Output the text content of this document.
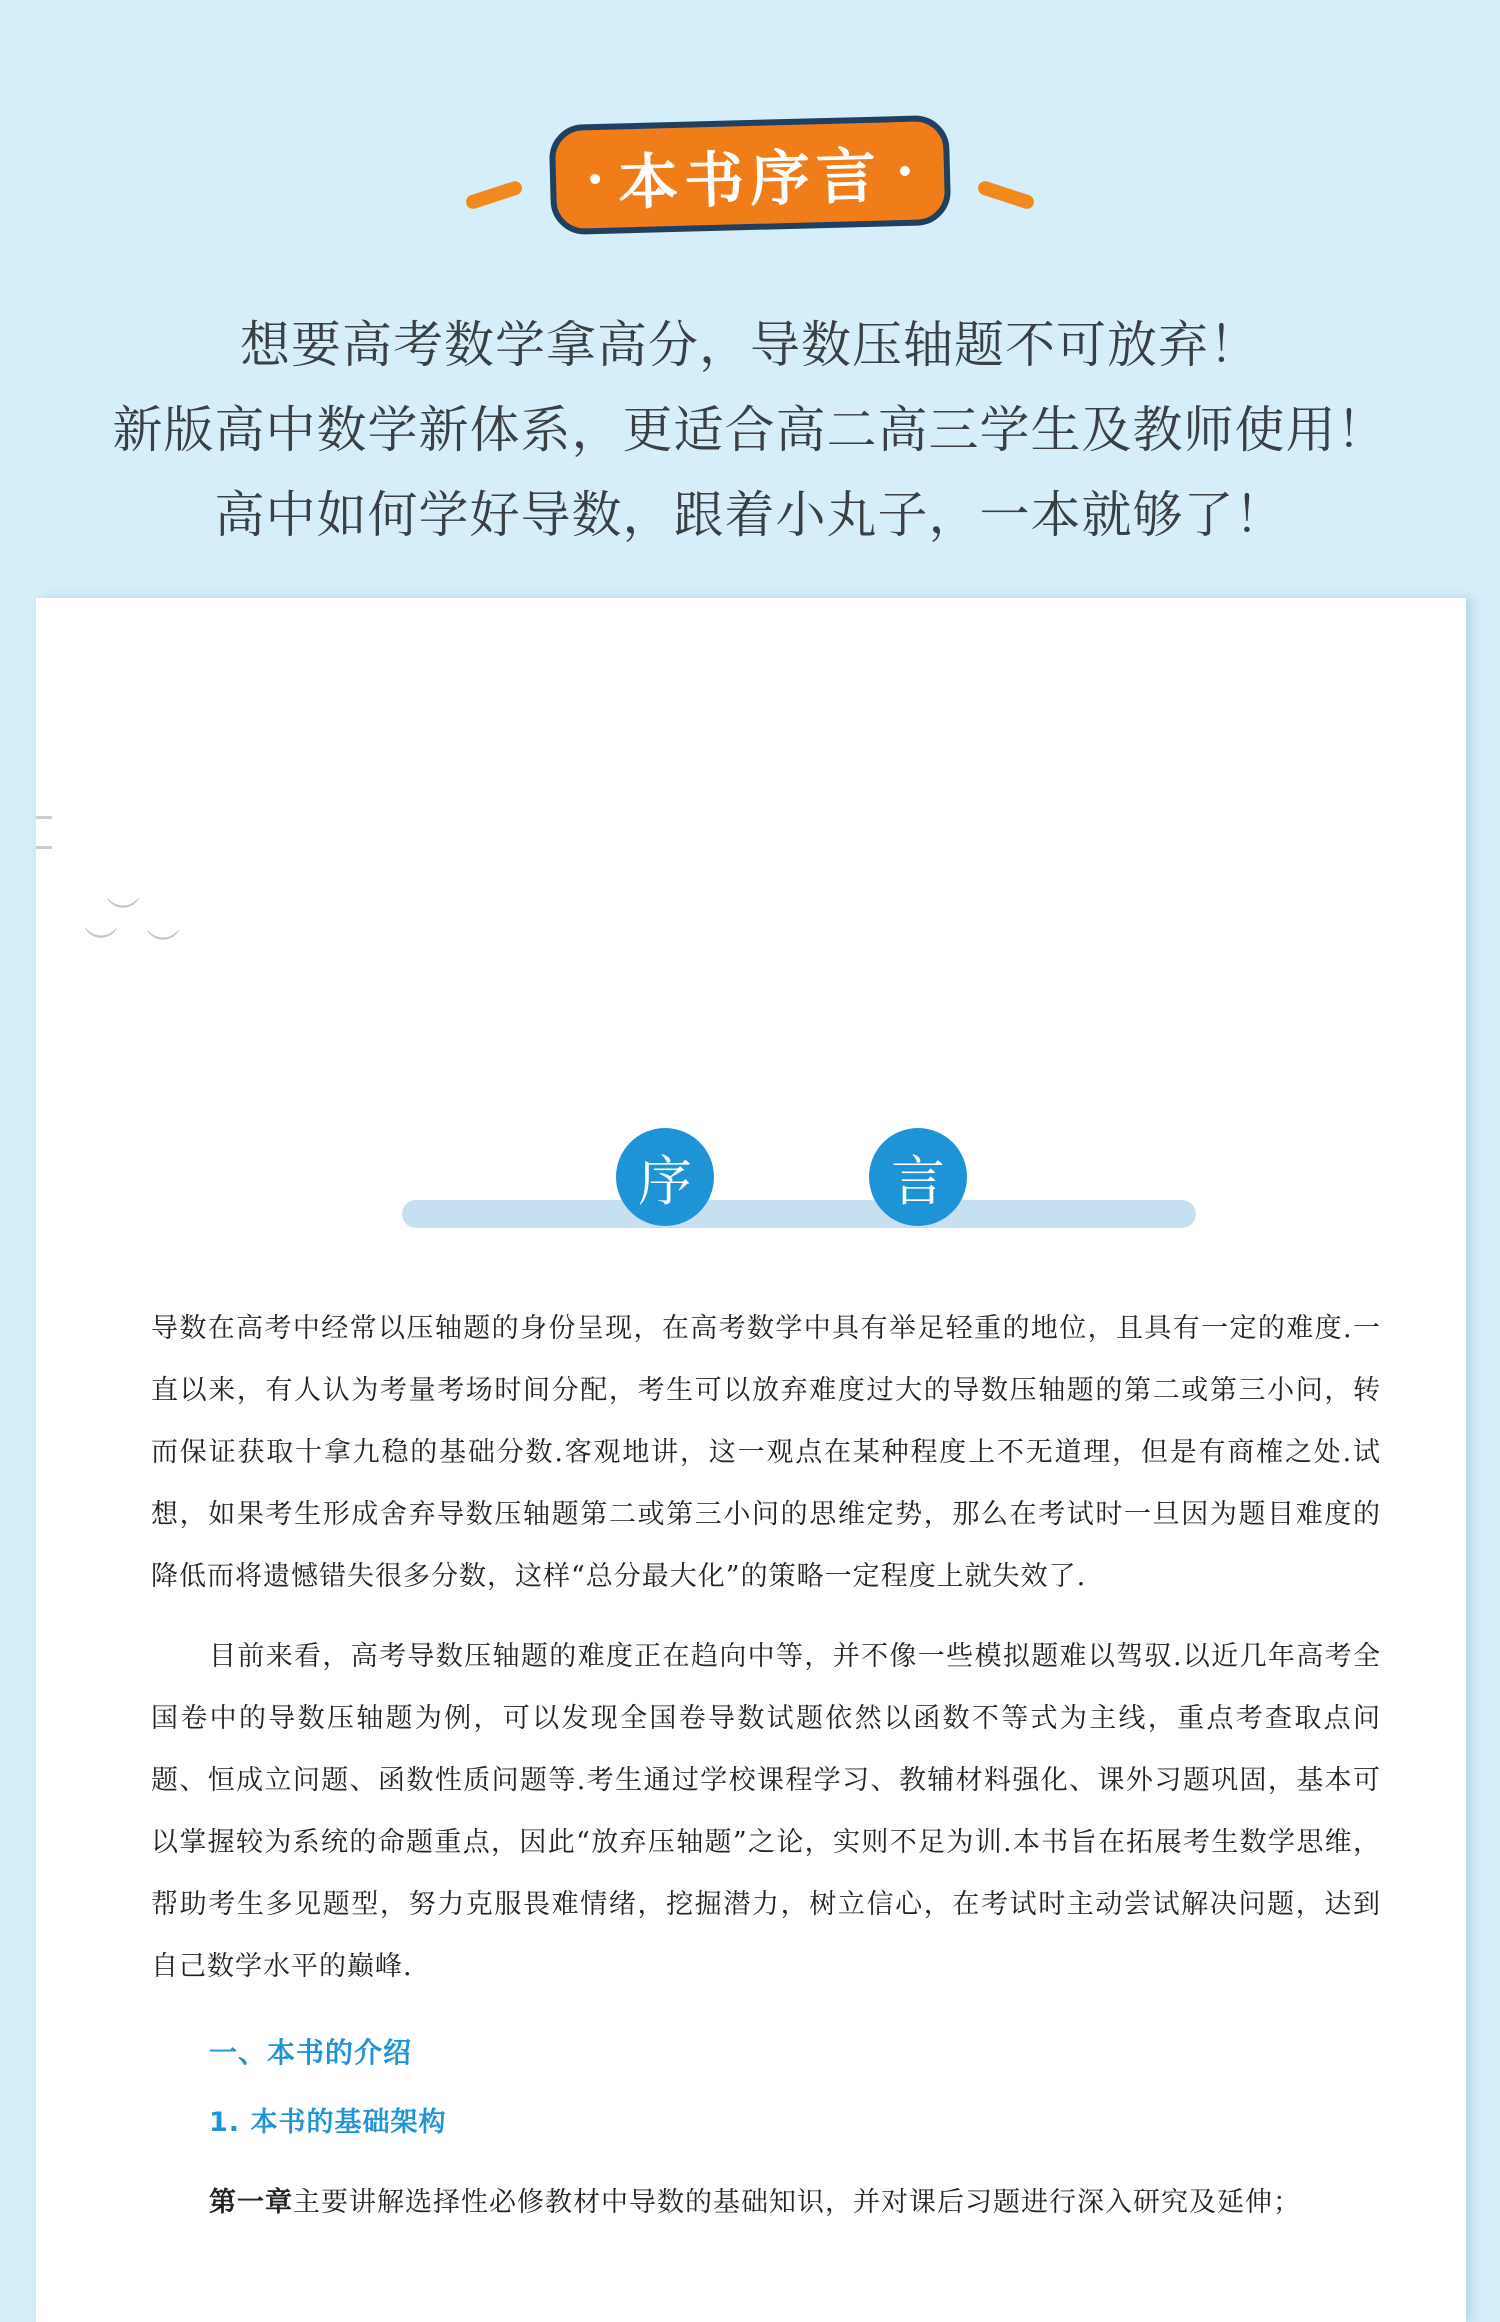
本书序言
想要高考数学拿高分，导数压轴题不可放弃！
新版高中数学新体系，更适合高二高三学生及教师使用！
高中如何学好导数，跟着小丸子，一本就够了！
︶
︶ ︶
序	言

导数在高考中经常以压轴题的身份呈现，在高考数学中具有举足轻重的地位，且具有一定的难度.一直以来，有人认为考量考场时间分配，考生可以放弃难度过大的导数压轴题的第二或第三小问，转而保证获取十拿九稳的基础分数.客观地讲，这一观点在某种程度上不无道理，但是有商榷之处.试想，如果考生形成舍弃导数压轴题第二或第三小问的思维定势，那么在考试时一旦因为题目难度的降低而将遗憾错失很多分数，这样“总分最大化”的策略一定程度上就失效了.

目前来看，高考导数压轴题的难度正在趋向中等，并不像一些模拟题难以驾驭.以近几年高考全国卷中的导数压轴题为例，可以发现全国卷导数试题依然以函数不等式为主线，重点考查取点问题、恒成立问题、函数性质问题等.考生通过学校课程学习、教辅材料强化、课外习题巩固，基本可以掌握较为系统的命题重点，因此“放弃压轴题”之论，实则不足为训.本书旨在拓展考生数学思维，帮助考生多见题型，努力克服畏难情绪，挖掘潜力，树立信心，在考试时主动尝试解决问题，达到自己数学水平的巅峰.

一、本书的介绍
1. 本书的基础架构

第一章主要讲解选择性必修教材中导数的基础知识，并对课后习题进行深入研究及延伸；
